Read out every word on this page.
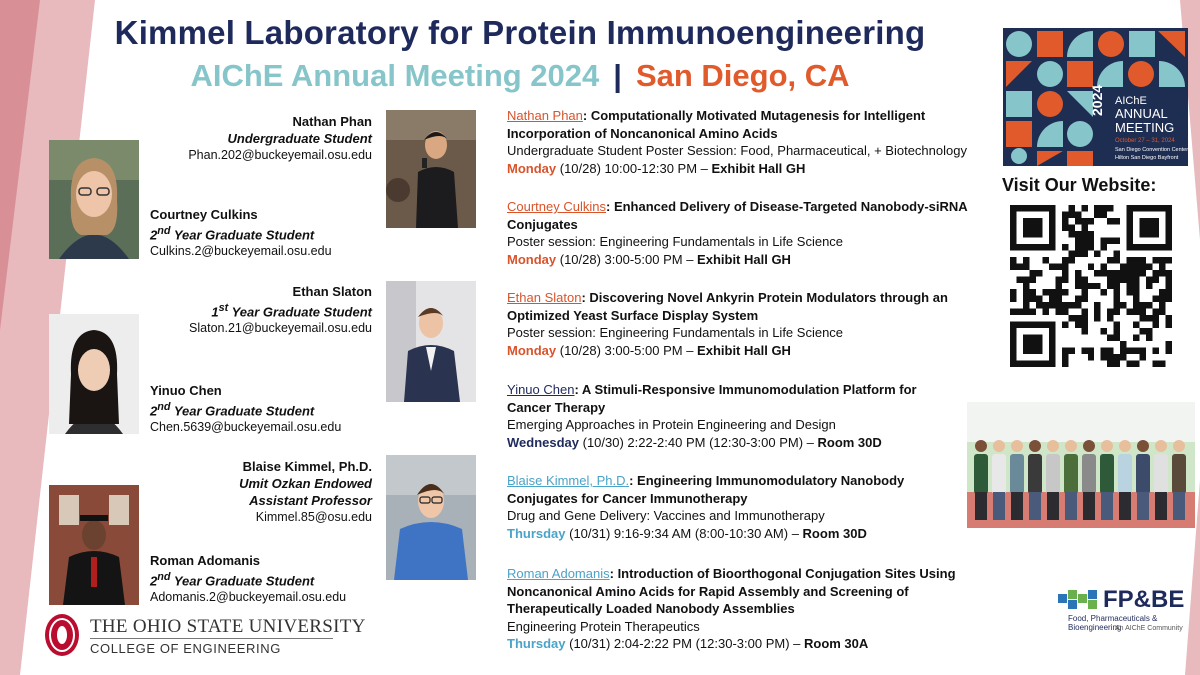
Kimmel Laboratory for Protein Immunoengineering
AIChE Annual Meeting 2024 | San Diego, CA
2024 AIChE
ANNUAL
MEETING
October 27 – 31, 2024
San Diego Convention Center
Hilton San Diego Bayfront
Visit Our Website:
Nathan Phan
Undergraduate Student
Phan.202@buckeyemail.osu.edu
Courtney Culkins
2nd Year Graduate Student
Culkins.2@buckeyemail.osu.edu
Ethan Slaton
1st Year Graduate Student
Slaton.21@buckeyemail.osu.edu
Yinuo Chen
2nd Year Graduate Student
Chen.5639@buckeyemail.osu.edu
Blaise Kimmel, Ph.D.
Umit Ozkan Endowed
Assistant Professor
Kimmel.85@osu.edu
Roman Adomanis
2nd Year Graduate Student
Adomanis.2@buckeyemail.osu.edu
Nathan Phan: Computationally Motivated Mutagenesis for Intelligent Incorporation of Noncanonical Amino Acids
Undergraduate Student Poster Session: Food, Pharmaceutical, + Biotechnology
Monday (10/28) 10:00-12:30 PM – Exhibit Hall GH
Courtney Culkins: Enhanced Delivery of Disease-Targeted Nanobody-siRNA Conjugates
Poster session: Engineering Fundamentals in Life Science
Monday (10/28) 3:00-5:00 PM – Exhibit Hall GH
Ethan Slaton: Discovering Novel Ankyrin Protein Modulators through an Optimized Yeast Surface Display System
Poster session: Engineering Fundamentals in Life Science
Monday (10/28) 3:00-5:00 PM – Exhibit Hall GH
Yinuo Chen: A Stimuli-Responsive Immunomodulation Platform for Cancer Therapy
Emerging Approaches in Protein Engineering and Design
Wednesday (10/30) 2:22-2:40 PM (12:30-3:00 PM) – Room 30D
Blaise Kimmel, Ph.D.: Engineering Immunomodulatory Nanobody Conjugates for Cancer Immunotherapy
Drug and Gene Delivery: Vaccines and Immunotherapy
Thursday (10/31) 9:16-9:34 AM (8:00-10:30 AM) – Room 30D
Roman Adomanis: Introduction of Bioorthogonal Conjugation Sites Using Noncanonical Amino Acids for Rapid Assembly and Screening of Therapeutically Loaded Nanobody Assemblies
Engineering Protein Therapeutics
Thursday (10/31) 2:04-2:22 PM (12:30-3:00 PM) – Room 30A
O
THE OHIO STATE UNIVERSITY
COLLEGE OF ENGINEERING
FP&BE
Food, Pharmaceuticals & Bioengineering
An AIChE Community
